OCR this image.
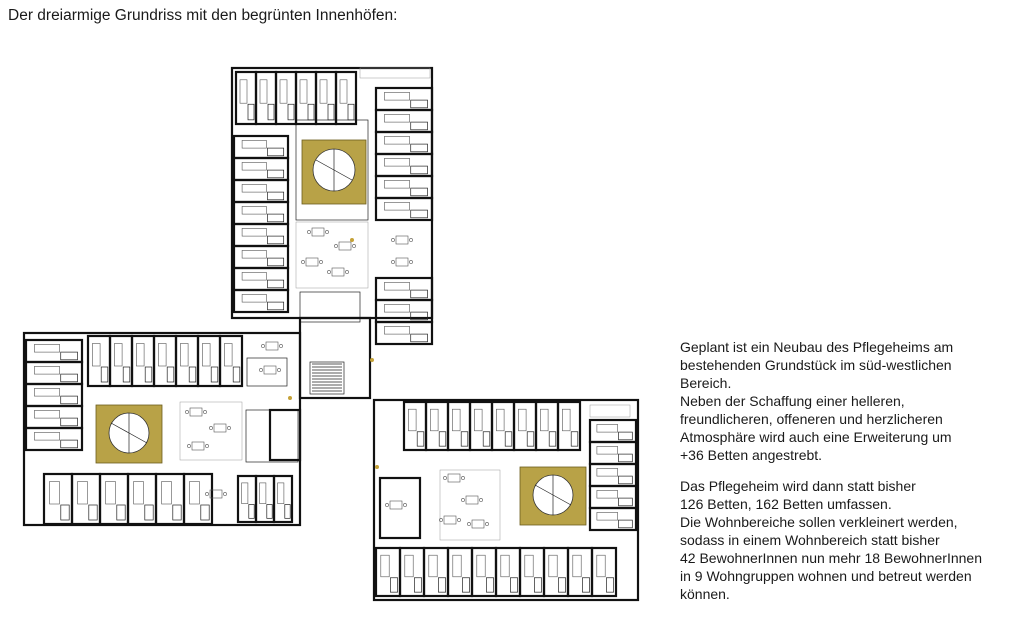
Der dreiarmige Grundriss mit den begrünten Innenhöfen:
Geplant ist ein Neubau des Pflegeheims am
bestehenden Grundstück im süd-westlichen
Bereich.
Neben der Schaffung einer helleren,
freundlicheren, offeneren und herzlicheren
Atmosphäre wird auch eine Erweiterung um
+36 Betten angestrebt.
Das Pflegeheim wird dann statt bisher
126 Betten, 162 Betten umfassen.
Die Wohnbereiche sollen verkleinert werden,
sodass in einem Wohnbereich statt bisher
42 BewohnerInnen nun mehr 18 BewohnerInnen
in 9 Wohngruppen wohnen und betreut werden
können.
